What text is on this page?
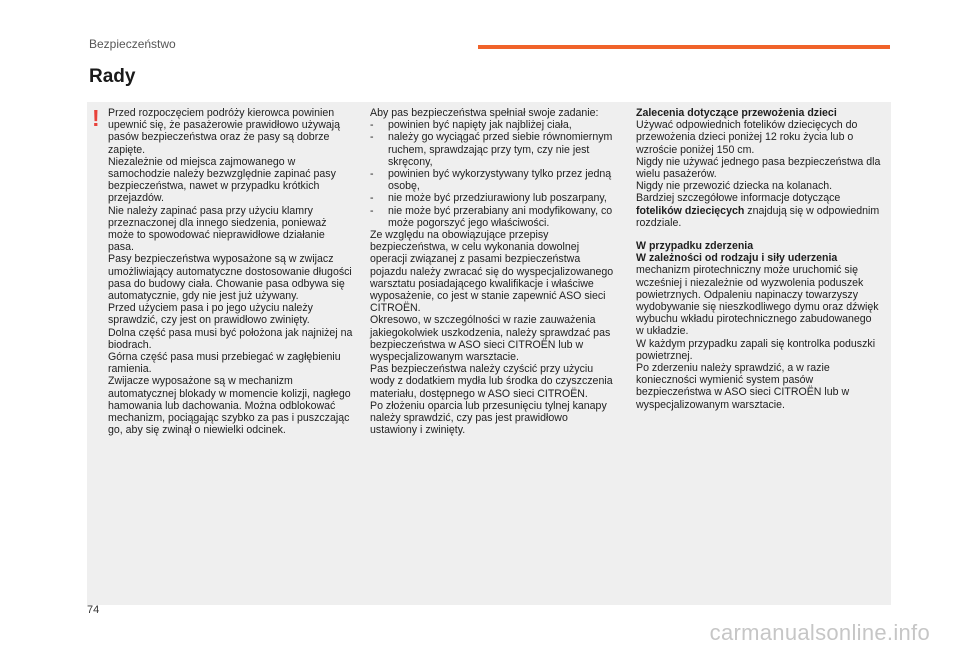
Bezpieczeństwo
Rady
! Przed rozpoczęciem podróży kierowca powinien upewnić się, że pasażerowie prawidłowo używają pasów bezpieczeństwa oraz że pasy są dobrze zapięte.

Niezależnie od miejsca zajmowanego w samochodzie należy bezwzględnie zapinać pasy bezpieczeństwa, nawet w przypadku krótkich przejazdów.

Nie należy zapinać pasa przy użyciu klamry przeznaczonej dla innego siedzenia, ponieważ może to spowodować nieprawidłowe działanie pasa.

Pasy bezpieczeństwa wyposażone są w zwijacz umożliwiający automatyczne dostosowanie długości pasa do budowy ciała. Chowanie pasa odbywa się automatycznie, gdy nie jest już używany.

Przed użyciem pasa i po jego użyciu należy sprawdzić, czy jest on prawidłowo zwinięty.

Dolna część pasa musi być położona jak najniżej na biodrach.

Górna część pasa musi przebiegać w zagłębieniu ramienia.

Zwijacze wyposażone są w mechanizm automatycznej blokady w momencie kolizji, nagłego hamowania lub dachowania. Można odblokować mechanizm, pociągając szybko za pas i puszczając go, aby się zwinął o niewielki odcinek.

Aby pas bezpieczeństwa spełniał swoje zadanie:

-	powinien być napięty jak najbliżej ciała,
-	należy go wyciągać przed siebie równomiernym ruchem, sprawdzając przy tym, czy nie jest skręcony,
-	powinien być wykorzystywany tylko przez jedną osobę,
-	nie może być przedziurawiony lub poszarpany,
-	nie może być przerabiany ani modyfikowany, co może pogorszyć jego właściwości.

Ze względu na obowiązujące przepisy bezpieczeństwa, w celu wykonania dowolnej operacji związanej z pasami bezpieczeństwa pojazdu należy zwracać się do wyspecjalizowanego warsztatu posiadającego kwalifikacje i właściwe wyposażenie, co jest w stanie zapewnić ASO sieci CITROËN.

Okresowo, w szczególności w razie zauważenia jakiegokolwiek uszkodzenia, należy sprawdzać pas bezpieczeństwa w ASO sieci CITROËN lub w wyspecjalizowanym warsztacie.

Pas bezpieczeństwa należy czyścić przy użyciu wody z dodatkiem mydła lub środka do czyszczenia materiału, dostępnego w ASO sieci CITROËN.

Po złożeniu oparcia lub przesunięciu tylnej kanapy należy sprawdzić, czy pas jest prawidłowo ustawiony i zwinięty.

Zalecenia dotyczące przewożenia dzieci

Używać odpowiednich fotelików dziecięcych do przewożenia dzieci poniżej 12 roku życia lub o wzroście poniżej 150 cm.

Nigdy nie używać jednego pasa bezpieczeństwa dla wielu pasażerów.

Nigdy nie przewozić dziecka na kolanach.

Bardziej szczegółowe informacje dotyczące fotelików dziecięcych znajdują się w odpowiednim rozdziale.

W przypadku zderzenia
W zależności od rodzaju i siły uderzenia

mechanizm pirotechniczny może uruchomić się wcześniej i niezależnie od wyzwolenia poduszek powietrznych. Odpaleniu napinaczy towarzyszy wydobywanie się nieszkodliwego dymu oraz dźwięk wybuchu wkładu pirotechnicznego zabudowanego w układzie.

W każdym przypadku zapali się kontrolka poduszki powietrznej.

Po zderzeniu należy sprawdzić, a w razie konieczności wymienić system pasów bezpieczeństwa w ASO sieci CITROËN lub w wyspecjalizowanym warsztacie.

74
carmanualsonline.info
